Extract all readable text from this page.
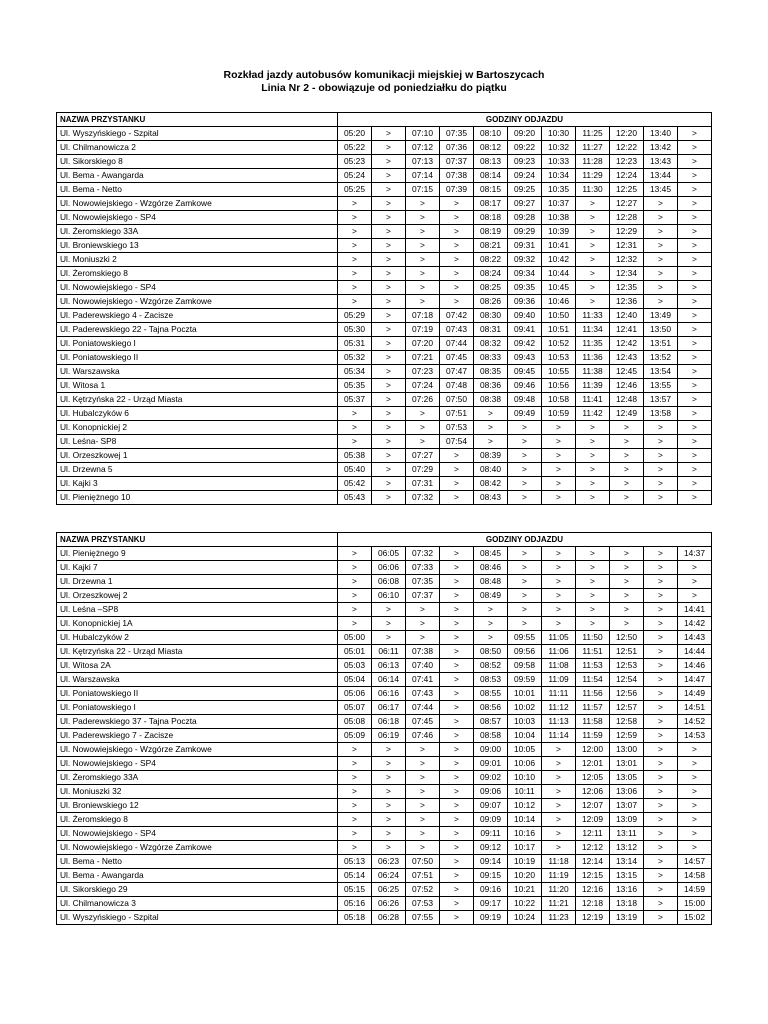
Rozkład jazdy autobusów komunikacji miejskiej w Bartoszycach
Linia Nr 2 - obowiązuje od poniedziałku do piątku
NAZWA PRZYSTANKU	GODZINY ODJAZDU										
Ul. Wyszyńskiego - Szpital	05:20	>	07:10	07:35	08:10	09:20	10:30	11:25	12:20	13:40	>
Ul. Chilmanowicza 2	05:22	>	07:12	07:36	08:12	09:22	10:32	11:27	12:22	13:42	>
Ul. Sikorskiego 8	05:23	>	07:13	07:37	08:13	09:23	10:33	11:28	12:23	13:43	>
Ul. Bema - Awangarda	05:24	>	07:14	07:38	08:14	09:24	10:34	11:29	12:24	13:44	>
Ul. Bema - Netto	05:25	>	07:15	07:39	08:15	09:25	10:35	11:30	12:25	13:45	>
Ul. Nowowiejskiego - Wzgórze Zamkowe	>	>	>	>	08:17	09:27	10:37	>	12:27	>	>
Ul. Nowowiejskiego - SP4	>	>	>	>	08:18	09:28	10:38	>	12:28	>	>
Ul. Żeromskiego 33A	>	>	>	>	08:19	09:29	10:39	>	12:29	>	>
Ul. Broniewskiego 13	>	>	>	>	08:21	09:31	10:41	>	12:31	>	>
Ul. Moniuszki 2	>	>	>	>	08:22	09:32	10:42	>	12:32	>	>
Ul. Żeromskiego 8	>	>	>	>	08:24	09:34	10:44	>	12:34	>	>
Ul. Nowowiejskiego - SP4	>	>	>	>	08:25	09:35	10:45	>	12:35	>	>
Ul. Nowowiejskiego - Wzgórze Zamkowe	>	>	>	>	08:26	09:36	10:46	>	12:36	>	>
Ul. Paderewskiego 4 - Zacisze	05:29	>	07:18	07:42	08:30	09:40	10:50	11:33	12:40	13:49	>
Ul. Paderewskiego 22 - Tajna Poczta	05:30	>	07:19	07:43	08:31	09:41	10:51	11:34	12:41	13:50	>
Ul. Poniatowskiego I	05:31	>	07:20	07:44	08:32	09:42	10:52	11:35	12:42	13:51	>
Ul. Poniatowskiego II	05:32	>	07:21	07:45	08:33	09:43	10:53	11:36	12:43	13:52	>
Ul. Warszawska	05:34	>	07:23	07:47	08:35	09:45	10:55	11:38	12:45	13:54	>
Ul. Witosa 1	05:35	>	07:24	07:48	08:36	09:46	10:56	11:39	12:46	13:55	>
Ul. Kętrzyńska 22 - Urząd Miasta	05:37	>	07:26	07:50	08:38	09:48	10:58	11:41	12:48	13:57	>
Ul. Hubalczyków 6	>	>	>	07:51	>	09:49	10:59	11:42	12:49	13:58	>
Ul. Konopnickiej 2	>	>	>	07:53	>	>	>	>	>	>	>
Ul. Leśna- SP8	>	>	>	07:54	>	>	>	>	>	>	>
Ul. Orzeszkowej 1	05:38	>	07:27	>	08:39	>	>	>	>	>	>
Ul. Drzewna 5	05:40	>	07:29	>	08:40	>	>	>	>	>	>
Ul. Kajki 3	05:42	>	07:31	>	08:42	>	>	>	>	>	>
Ul. Pieniężnego 10	05:43	>	07:32	>	08:43	>	>	>	>	>	>
NAZWA PRZYSTANKU	GODZINY ODJAZDU										
Ul. Pieniężnego 9	>	06:05	07:32	>	08:45	>	>	>	>	>	14:37
Ul. Kajki 7	>	06:06	07:33	>	08:46	>	>	>	>	>	>
Ul. Drzewna 1	>	06:08	07:35	>	08:48	>	>	>	>	>	>
Ul. Orzeszkowej 2	>	06:10	07:37	>	08:49	>	>	>	>	>	>
Ul. Leśna –SP8	>	>	>	>	>	>	>	>	>	>	14:41
Ul. Konopnickiej 1A	>	>	>	>	>	>	>	>	>	>	14:42
Ul. Hubalczyków 2	05:00	>	>	>	>	09:55	11:05	11:50	12:50	>	14:43
Ul. Kętrzyńska 22 - Urząd Miasta	05:01	06:11	07:38	>	08:50	09:56	11:06	11:51	12:51	>	14:44
Ul. Witosa 2A	05:03	06:13	07:40	>	08:52	09:58	11:08	11:53	12:53	>	14:46
Ul. Warszawska	05:04	06:14	07:41	>	08:53	09:59	11:09	11:54	12:54	>	14:47
Ul. Poniatowskiego II	05:06	06:16	07:43	>	08:55	10:01	11:11	11:56	12:56	>	14:49
Ul. Poniatowskiego I	05:07	06:17	07:44	>	08:56	10:02	11:12	11:57	12:57	>	14:51
Ul. Paderewskiego 37 - Tajna Poczta	05:08	06:18	07:45	>	08:57	10:03	11:13	11:58	12:58	>	14:52
Ul. Paderewskiego 7 - Zacisze	05:09	06:19	07:46	>	08:58	10:04	11:14	11:59	12:59	>	14:53
Ul. Nowowiejskiego - Wzgórze Zamkowe	>	>	>	>	09:00	10:05	>	12:00	13:00	>	>
Ul. Nowowiejskiego - SP4	>	>	>	>	09:01	10:06	>	12:01	13:01	>	>
Ul. Żeromskiego 33A	>	>	>	>	09:02	10:10	>	12:05	13:05	>	>
Ul. Moniuszki 32	>	>	>	>	09:06	10:11	>	12:06	13:06	>	>
Ul. Broniewskiego 12	>	>	>	>	09:07	10:12	>	12:07	13:07	>	>
Ul. Żeromskiego 8	>	>	>	>	09:09	10:14	>	12:09	13:09	>	>
Ul. Nowowiejskiego - SP4	>	>	>	>	09:11	10:16	>	12:11	13:11	>	>
Ul. Nowowiejskiego - Wzgórze Zamkowe	>	>	>	>	09:12	10:17	>	12:12	13:12	>	>
Ul. Bema - Netto	05:13	06:23	07:50	>	09:14	10:19	11:18	12:14	13:14	>	14:57
Ul. Bema - Awangarda	05:14	06:24	07:51	>	09:15	10:20	11:19	12:15	13:15	>	14:58
Ul. Sikorskiego 29	05:15	06:25	07:52	>	09:16	10:21	11:20	12:16	13:16	>	14:59
Ul. Chilmanowicza 3	05:16	06:26	07:53	>	09:17	10:22	11:21	12:18	13:18	>	15:00
Ul. Wyszyńskiego - Szpital	05:18	06:28	07:55	>	09:19	10:24	11:23	12:19	13:19	>	15:02
